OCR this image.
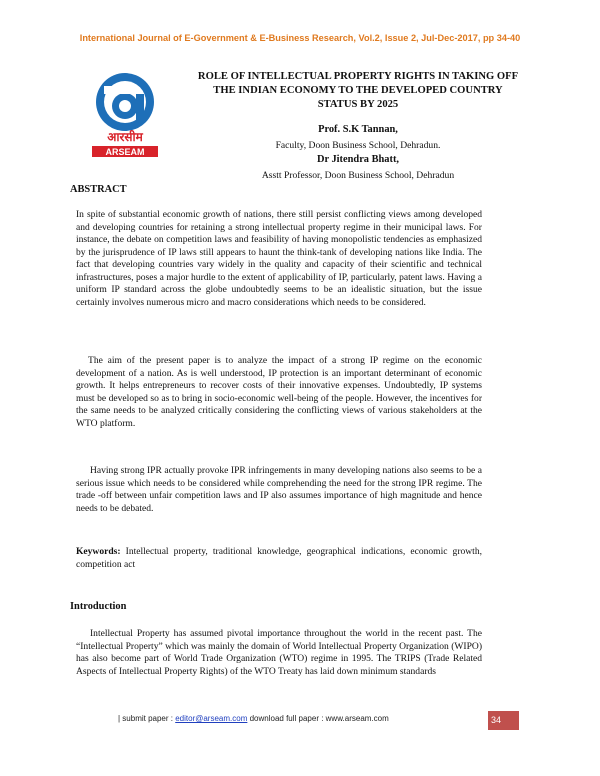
International Journal of E-Government & E-Business Research, Vol.2, Issue 2, Jul-Dec-2017, pp 34-40
आरसीम
ARSEAM
ROLE OF INTELLECTUAL PROPERTY RIGHTS IN TAKING OFF
THE INDIAN ECONOMY TO THE DEVELOPED COUNTRY
STATUS BY 2025
Prof. S.K Tannan,
Faculty, Doon Business School, Dehradun.
Dr Jitendra Bhatt,
Asstt Professor, Doon Business School, Dehradun
ABSTRACT

In spite of substantial economic growth of nations, there still persist conflicting views among developed and developing countries for retaining a strong intellectual property regime in their municipal laws. For instance, the debate on competition laws and feasibility of having monopolistic tendencies as emphasized by the jurisprudence of IP laws still appears to haunt the think-tank of developing nations like India. The fact that developing countries vary widely in the quality and capacity of their scientific and technical infrastructures, poses a major hurdle to the extent of applicability of IP, particularly, patent laws. Having a uniform IP standard across the globe undoubtedly seems to be an idealistic situation, but the issue certainly involves numerous micro and macro considerations which needs to be considered.

The aim of the present paper is to analyze the impact of a strong IP regime on the economic development of a nation. As is well understood, IP protection is an important determinant of economic growth. It helps entrepreneurs to recover costs of their innovative expenses. Undoubtedly, IP systems must be developed so as to bring in socio-economic well-being of the people. However, the incentives for the same needs to be analyzed critically considering the conflicting views of various stakeholders at the WTO platform.

Having strong IPR actually provoke IPR infringements in many developing nations also seems to be a serious issue which needs to be considered while comprehending the need for the strong IPR regime. The trade -off between unfair competition laws and IP also assumes importance of high magnitude and hence needs to be debated.

Keywords: Intellectual property, traditional knowledge, geographical indications, economic growth, competition act

Introduction

Intellectual Property has assumed pivotal importance throughout the world in the recent past. The “Intellectual Property” which was mainly the domain of World Intellectual Property Organization (WIPO) has also become part of World Trade Organization (WTO) regime in 1995. The TRIPS (Trade Related Aspects of Intellectual Property Rights) of the WTO Treaty has laid down minimum standards

| submit paper : editor@arseam.com download full paper : www.arseam.com	34
